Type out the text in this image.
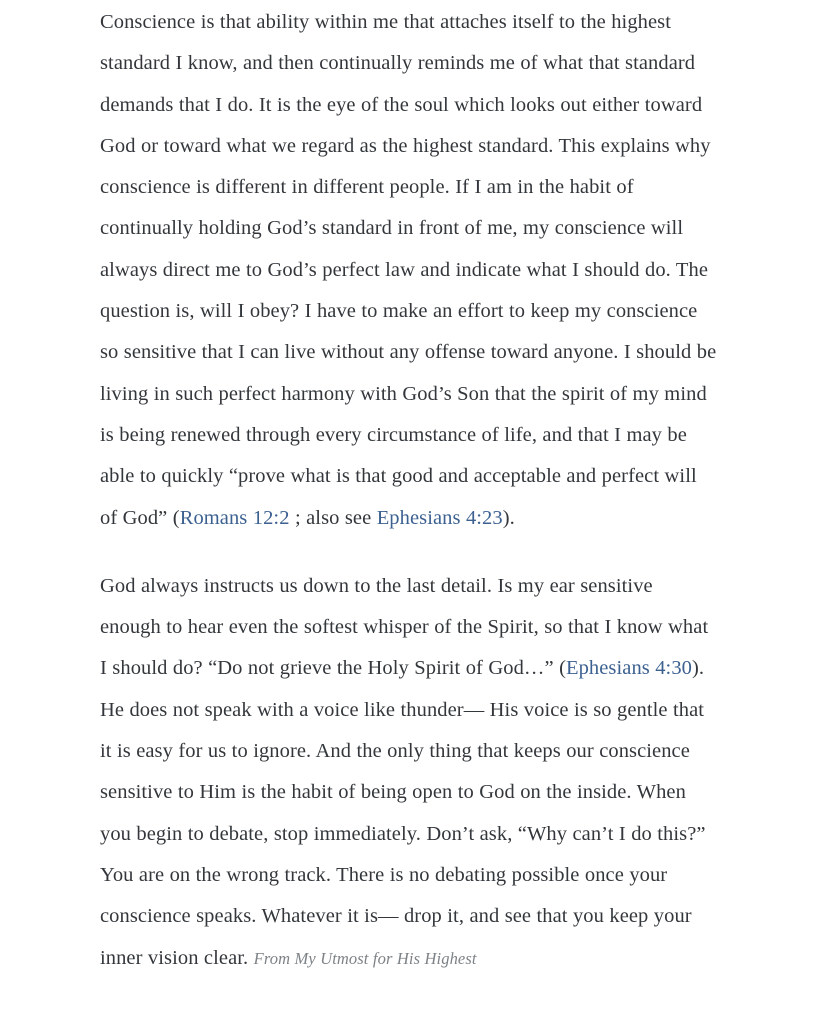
Conscience is that ability within me that attaches itself to the highest standard I know, and then continually reminds me of what that standard demands that I do. It is the eye of the soul which looks out either toward God or toward what we regard as the highest standard. This explains why conscience is different in different people. If I am in the habit of continually holding God’s standard in front of me, my conscience will always direct me to God’s perfect law and indicate what I should do. The question is, will I obey? I have to make an effort to keep my conscience so sensitive that I can live without any offense toward anyone. I should be living in such perfect harmony with God’s Son that the spirit of my mind is being renewed through every circumstance of life, and that I may be able to quickly “prove what is that good and acceptable and perfect will of God” (Romans 12:2 ; also see Ephesians 4:23).

God always instructs us down to the last detail. Is my ear sensitive enough to hear even the softest whisper of the Spirit, so that I know what I should do? “Do not grieve the Holy Spirit of God…” (Ephesians 4:30). He does not speak with a voice like thunder— His voice is so gentle that it is easy for us to ignore. And the only thing that keeps our conscience sensitive to Him is the habit of being open to God on the inside. When you begin to debate, stop immediately. Don’t ask, “Why can’t I do this?” You are on the wrong track. There is no debating possible once your conscience speaks. Whatever it is— drop it, and see that you keep your inner vision clear. From My Utmost for His Highest
